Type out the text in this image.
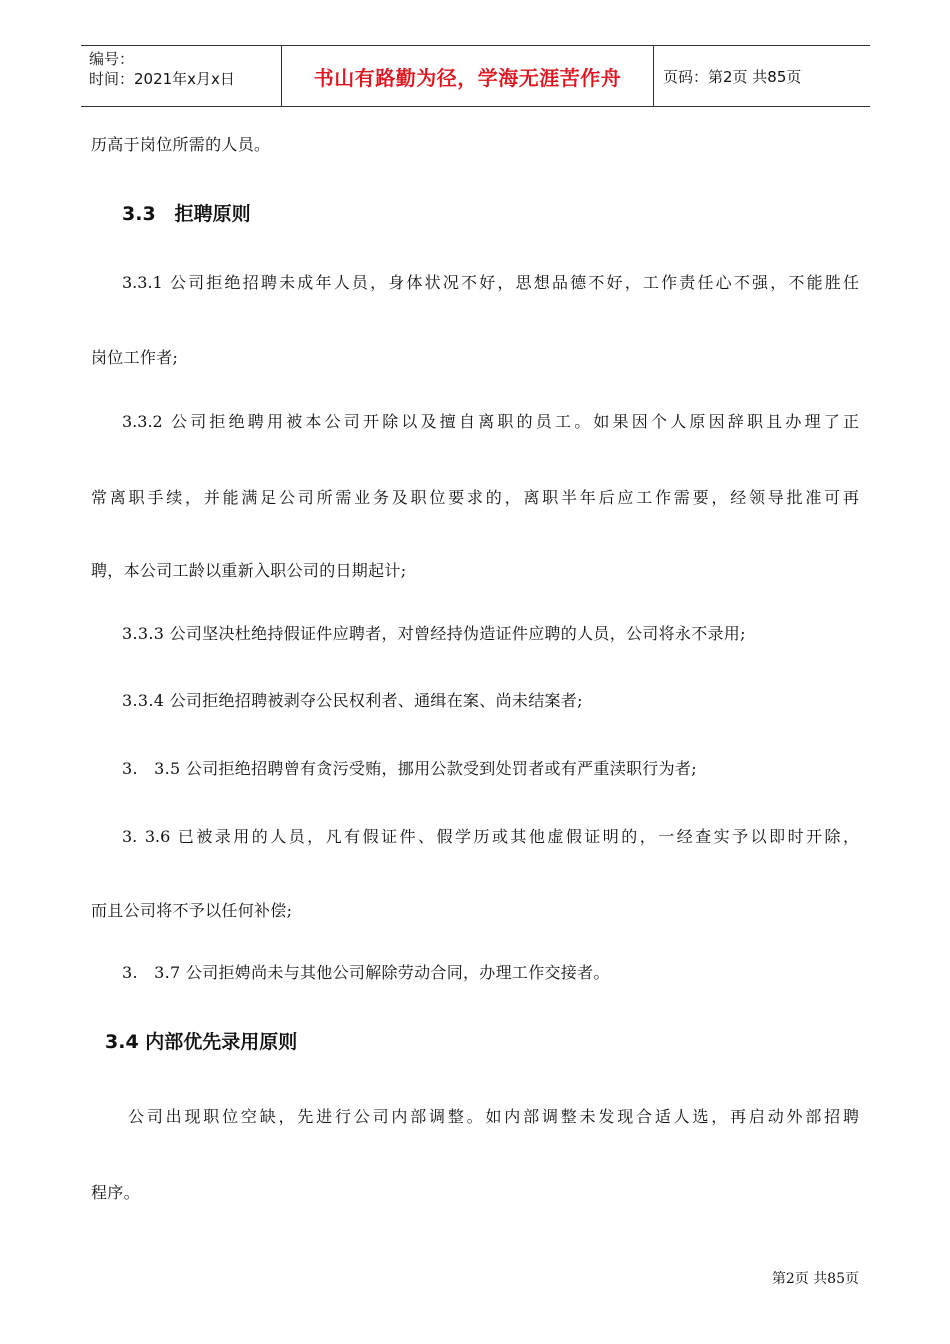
编号：
时间：2021年x月x日	书山有路勤为径，学海无涯苦作舟	页码：第2页 共85页
历高于岗位所需的人员。
3.3　拒聘原则
3.3.1 公司拒绝招聘未成年人员，身体状况不好，思想品德不好，工作责任心不强，不能胜任
岗位工作者;
3.3.2 公司拒绝聘用被本公司开除以及擅自离职的员工。如果因个人原因辞职且办理了正
常离职手续，并能满足公司所需业务及职位要求的，离职半年后应工作需要，经领导批准可再
聘，本公司工龄以重新入职公司的日期起计;
3.3.3 公司坚决杜绝持假证件应聘者，对曾经持伪造证件应聘的人员，公司将永不录用;
3.3.4 公司拒绝招聘被剥夺公民权利者、通缉在案、尚未结案者;
3.　3.5 公司拒绝招聘曾有贪污受贿，挪用公款受到处罚者或有严重渎职行为者;
3. 3.6 已被录用的人员，凡有假证件、假学历或其他虚假证明的，一经查实予以即时开除，
而且公司将不予以任何补偿;
3.　3.7 公司拒娉尚未与其他公司解除劳动合同，办理工作交接者。
3.4 内部优先录用原则
公司出现职位空缺，先进行公司内部调整。如内部调整未发现合适人选，再启动外部招聘
程序。
第2页 共85页
